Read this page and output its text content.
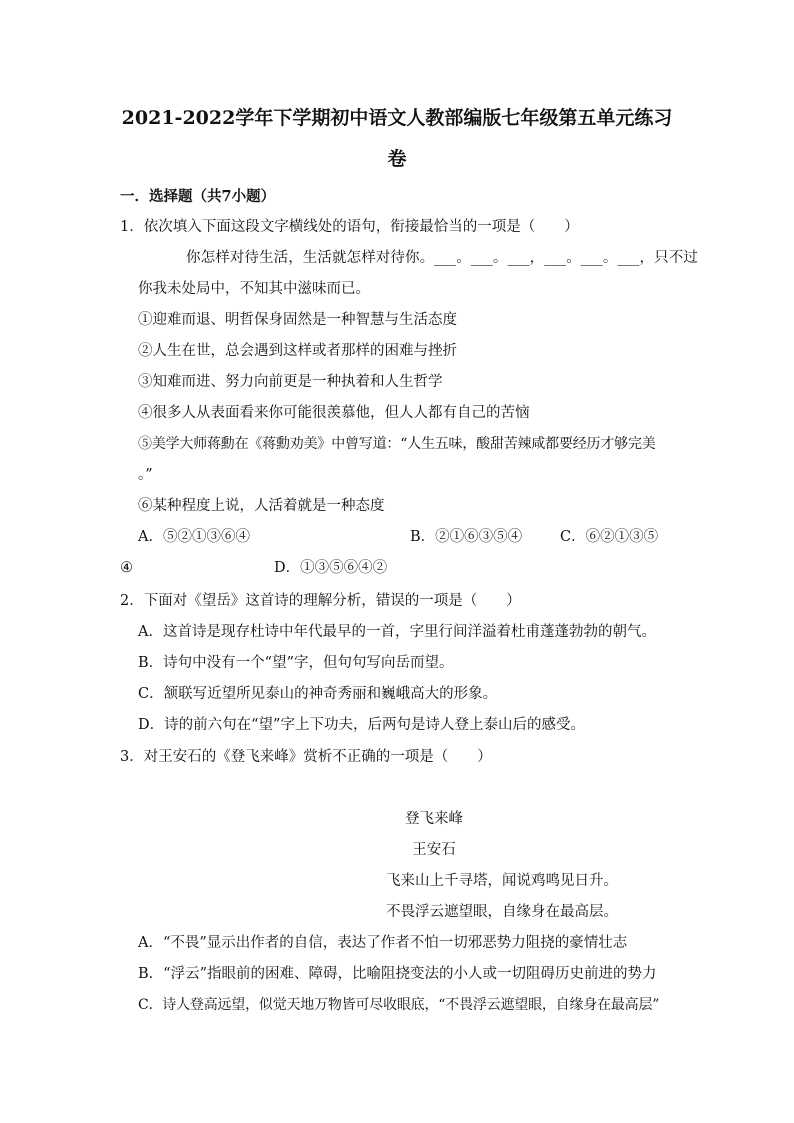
2021-2022学年下学期初中语文人教部编版七年级第五单元练习
卷
一．选择题（共7小题）
1．依次填入下面这段文字横线处的语句，衔接最恰当的一项是（　　）
你怎样对待生活，生活就怎样对待你。___。___。___，___。___。___，只不过
你我未处局中，不知其中滋味而已。
①迎难而退、明哲保身固然是一种智慧与生活态度
②人生在世，总会遇到这样或者那样的困难与挫折
③知难而进、努力向前更是一种执着和人生哲学
④很多人从表面看来你可能很羡慕他，但人人都有自己的苦恼
⑤美学大师蒋勳在《蒋勳劝美》中曾写道：“人生五味，酸甜苦辣咸都要经历才够完美
。”
⑥某种程度上说，人活着就是一种态度
A．⑤②①③⑥④	B．②①⑥③⑤④	C．⑥②①③⑤
④	D．①③⑤⑥④②
2．下面对《望岳》这首诗的理解分析，错误的一项是（　　）
A．这首诗是现存杜诗中年代最早的一首，字里行间洋溢着杜甫蓬蓬勃勃的朝气。
B．诗句中没有一个“望”字，但句句写向岳而望。
C．颔联写近望所见泰山的神奇秀丽和巍峨高大的形象。
D．诗的前六句在“望”字上下功夫，后两句是诗人登上泰山后的感受。
3．对王安石的《登飞来峰》赏析不正确的一项是（　　）
登飞来峰
王安石
飞来山上千寻塔，闻说鸡鸣见日升。
不畏浮云遮望眼，自缘身在最高层。
A．“不畏”显示出作者的自信，表达了作者不怕一切邪恶势力阻挠的豪情壮志
B．“浮云”指眼前的困难、障碍，比喻阻挠变法的小人或一切阻碍历史前进的势力
C．诗人登高远望，似觉天地万物皆可尽收眼底，“不畏浮云遮望眼，自缘身在最高层”
